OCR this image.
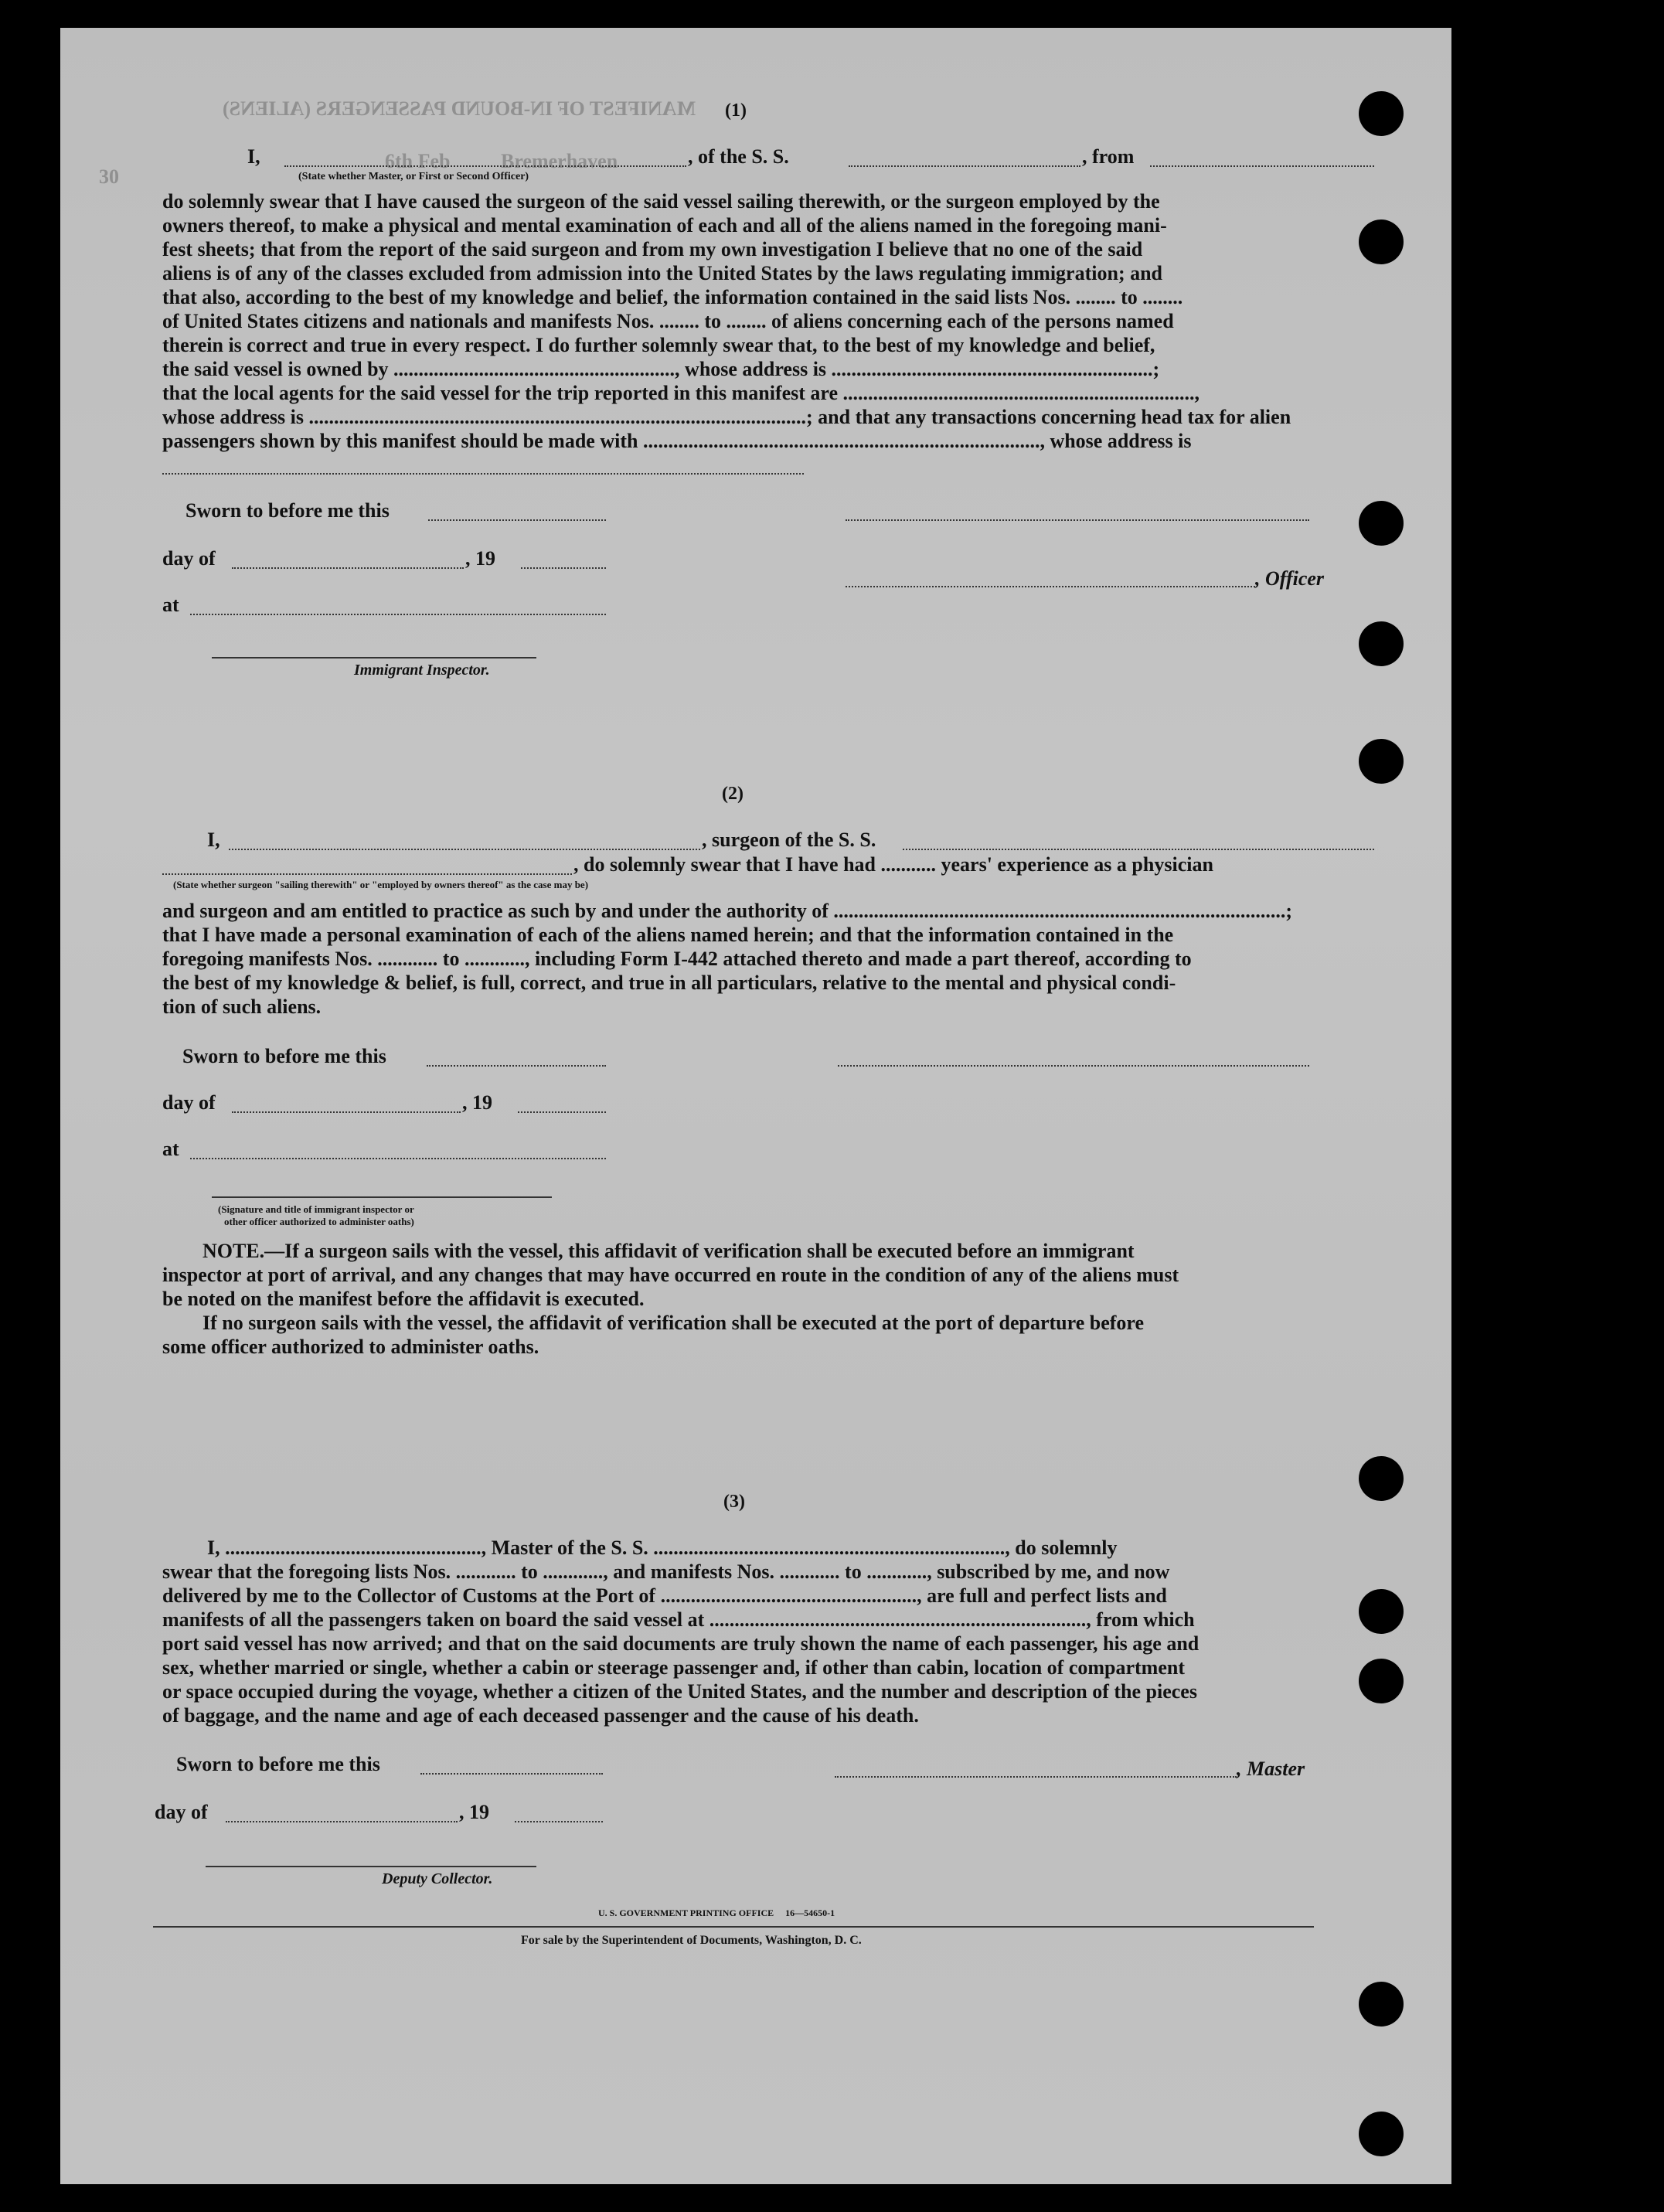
MANIFEST OF IN-BOUND PASSENGERS (ALIENS)
6th Feb	Bremerhaven
30
(1)
I,	, of the S. S.	, from
(State whether Master, or First or Second Officer)
do solemnly swear that I have caused the surgeon of the said vessel sailing therewith, or the surgeon employed by the
owners thereof, to make a physical and mental examination of each and all of the aliens named in the foregoing mani-
fest sheets; that from the report of the said surgeon and from my own investigation I believe that no one of the said
aliens is of any of the classes excluded from admission into the United States by the laws regulating immigration; and
that also, according to the best of my knowledge and belief, the information contained in the said lists Nos. ........ to ........
of United States citizens and nationals and manifests Nos. ........ to ........ of aliens concerning each of the persons named
therein is correct and true in every respect. I do further solemnly swear that, to the best of my knowledge and belief,
the said vessel is owned by ........................................................, whose address is ................................................................;
that the local agents for the said vessel for the trip reported in this manifest are ......................................................................,
whose address is ...................................................................................................; and that any transactions concerning head tax for alien
passengers shown by this manifest should be made with ..............................................................................., whose address is
Sworn to before me this
day of	, 19
, Officer
at
Immigrant Inspector.
(2)
I,	, surgeon of the S. S.
, do solemnly swear that I have had ........... years' experience as a physician
(State whether surgeon "sailing therewith" or "employed by owners thereof" as the case may be)
and surgeon and am entitled to practice as such by and under the authority of ..........................................................................................;
that I have made a personal examination of each of the aliens named herein; and that the information contained in the
foregoing manifests Nos. ............ to ............, including Form I-442 attached thereto and made a part thereof, according to
the best of my knowledge & belief, is full, correct, and true in all particulars, relative to the mental and physical condi-
tion of such aliens.
Sworn to before me this
day of	, 19
at
(Signature and title of immigrant inspector or
other officer authorized to administer oaths)
NOTE.—If a surgeon sails with the vessel, this affidavit of verification shall be executed before an immigrant
inspector at port of arrival, and any changes that may have occurred en route in the condition of any of the aliens must
be noted on the manifest before the affidavit is executed.
If no surgeon sails with the vessel, the affidavit of verification shall be executed at the port of departure before
some officer authorized to administer oaths.
(3)
I, ..................................................., Master of the S. S. ......................................................................, do solemnly
swear that the foregoing lists Nos. ............ to ............, and manifests Nos. ............ to ............, subscribed by me, and now
delivered by me to the Collector of Customs at the Port of ..................................................., are full and perfect lists and
manifests of all the passengers taken on board the said vessel at ..........................................................................., from which
port said vessel has now arrived; and that on the said documents are truly shown the name of each passenger, his age and
sex, whether married or single, whether a cabin or steerage passenger and, if other than cabin, location of compartment
or space occupied during the voyage, whether a citizen of the United States, and the number and description of the pieces
of baggage, and the name and age of each deceased passenger and the cause of his death.
Sworn to before me this	, Master
day of	, 19
Deputy Collector.
U. S. GOVERNMENT PRINTING OFFICE     16—54650-1
For sale by the Superintendent of Documents, Washington, D. C.
